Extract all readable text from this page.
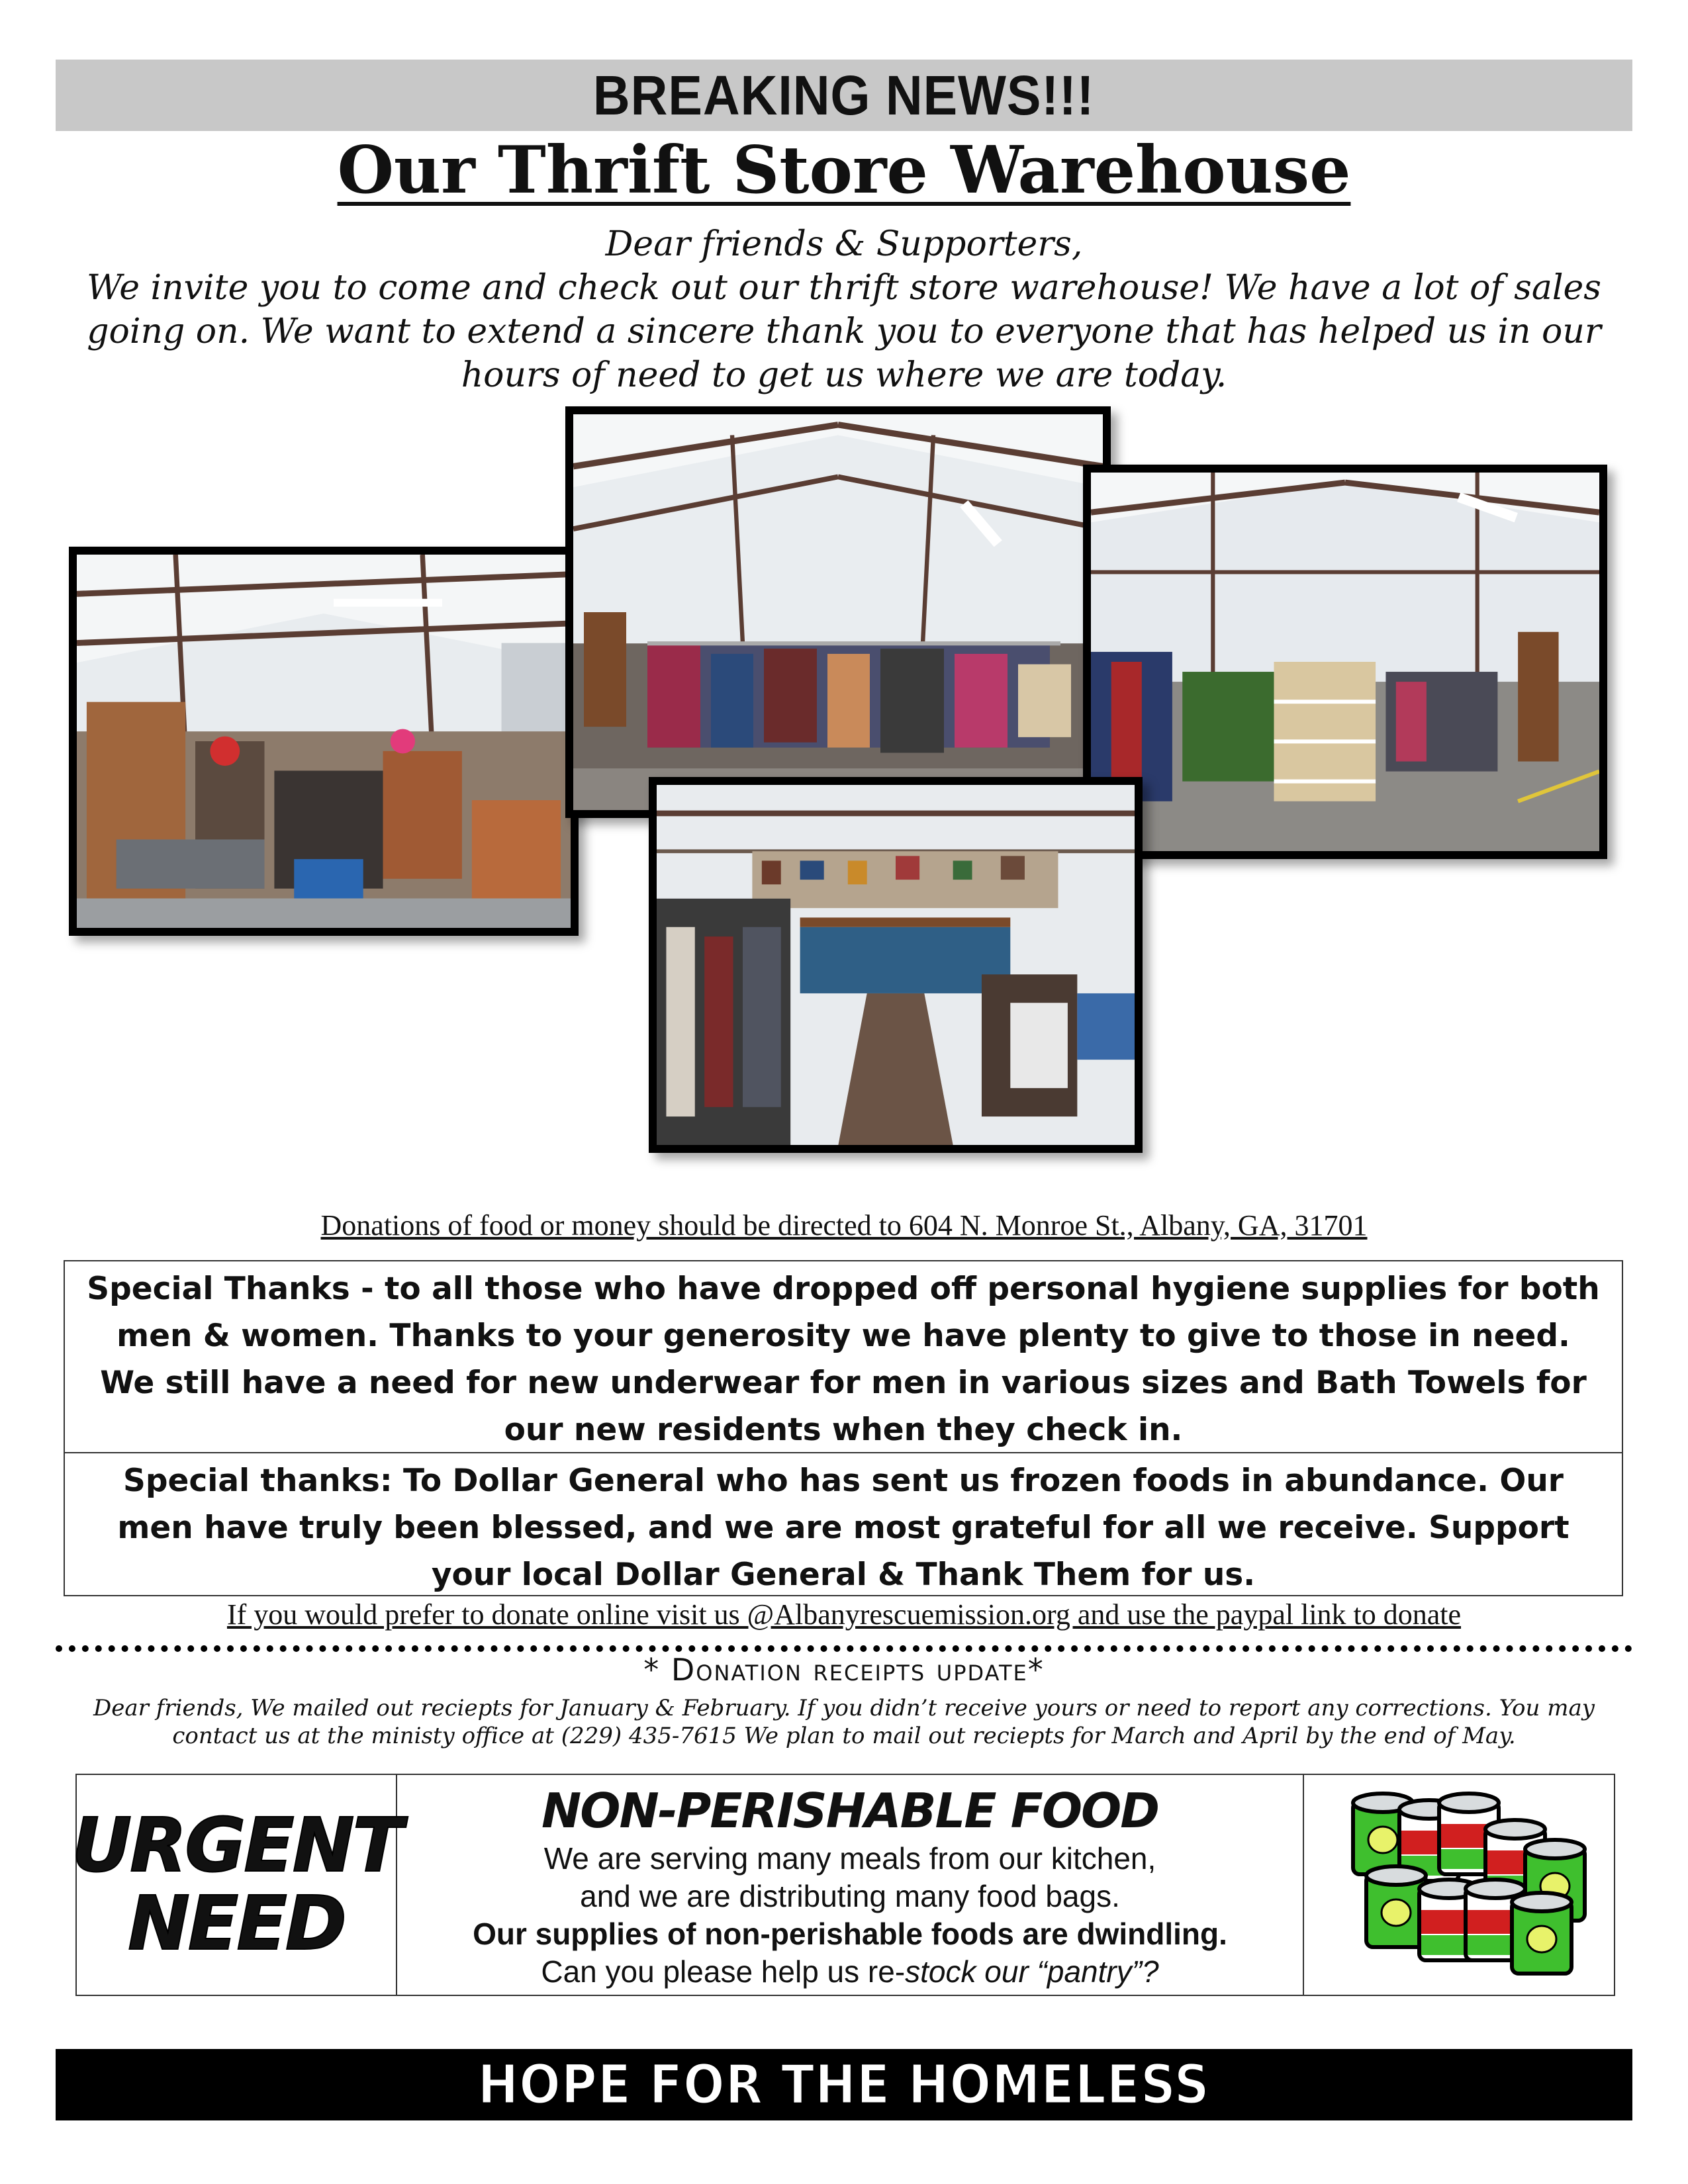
BREAKING NEWS!!!
Our Thrift Store Warehouse
Dear friends & Supporters,
We invite you to come and check out our thrift store warehouse! We have a lot of sales
going on. We want to extend a sincere thank you to everyone that has helped us in our
hours of need to get us where we are today.
Donations of food or money should be directed to 604 N. Monroe St., Albany, GA, 31701
Special Thanks - to all those who have dropped off personal hygiene supplies for both men & women. Thanks to your generosity we have plenty to give to those in need. We still have a need for new underwear for men in various sizes and Bath Towels for our new residents when they check in.
Special thanks: To Dollar General who has sent us frozen foods in abundance. Our men have truly been blessed, and we are most grateful for all we receive. Support your local Dollar General & Thank Them for us.
If you would prefer to donate online visit us @Albanyrescuemission.org and use the paypal link to donate
* Donation receipts update*
Dear friends, We mailed out reciepts for January & February. If you didn’t receive yours or need to report any corrections. You may contact us at the ministy office at (229) 435-7615 We plan to mail out reciepts for March and April by the end of May.
URGENT
NEED
NON-PERISHABLE FOOD
We are serving many meals from our kitchen,
and we are distributing many food bags.
Our supplies of non-perishable foods are dwindling.
Can you please help us re-stock our “pantry”?
HOPE FOR THE HOMELESS
